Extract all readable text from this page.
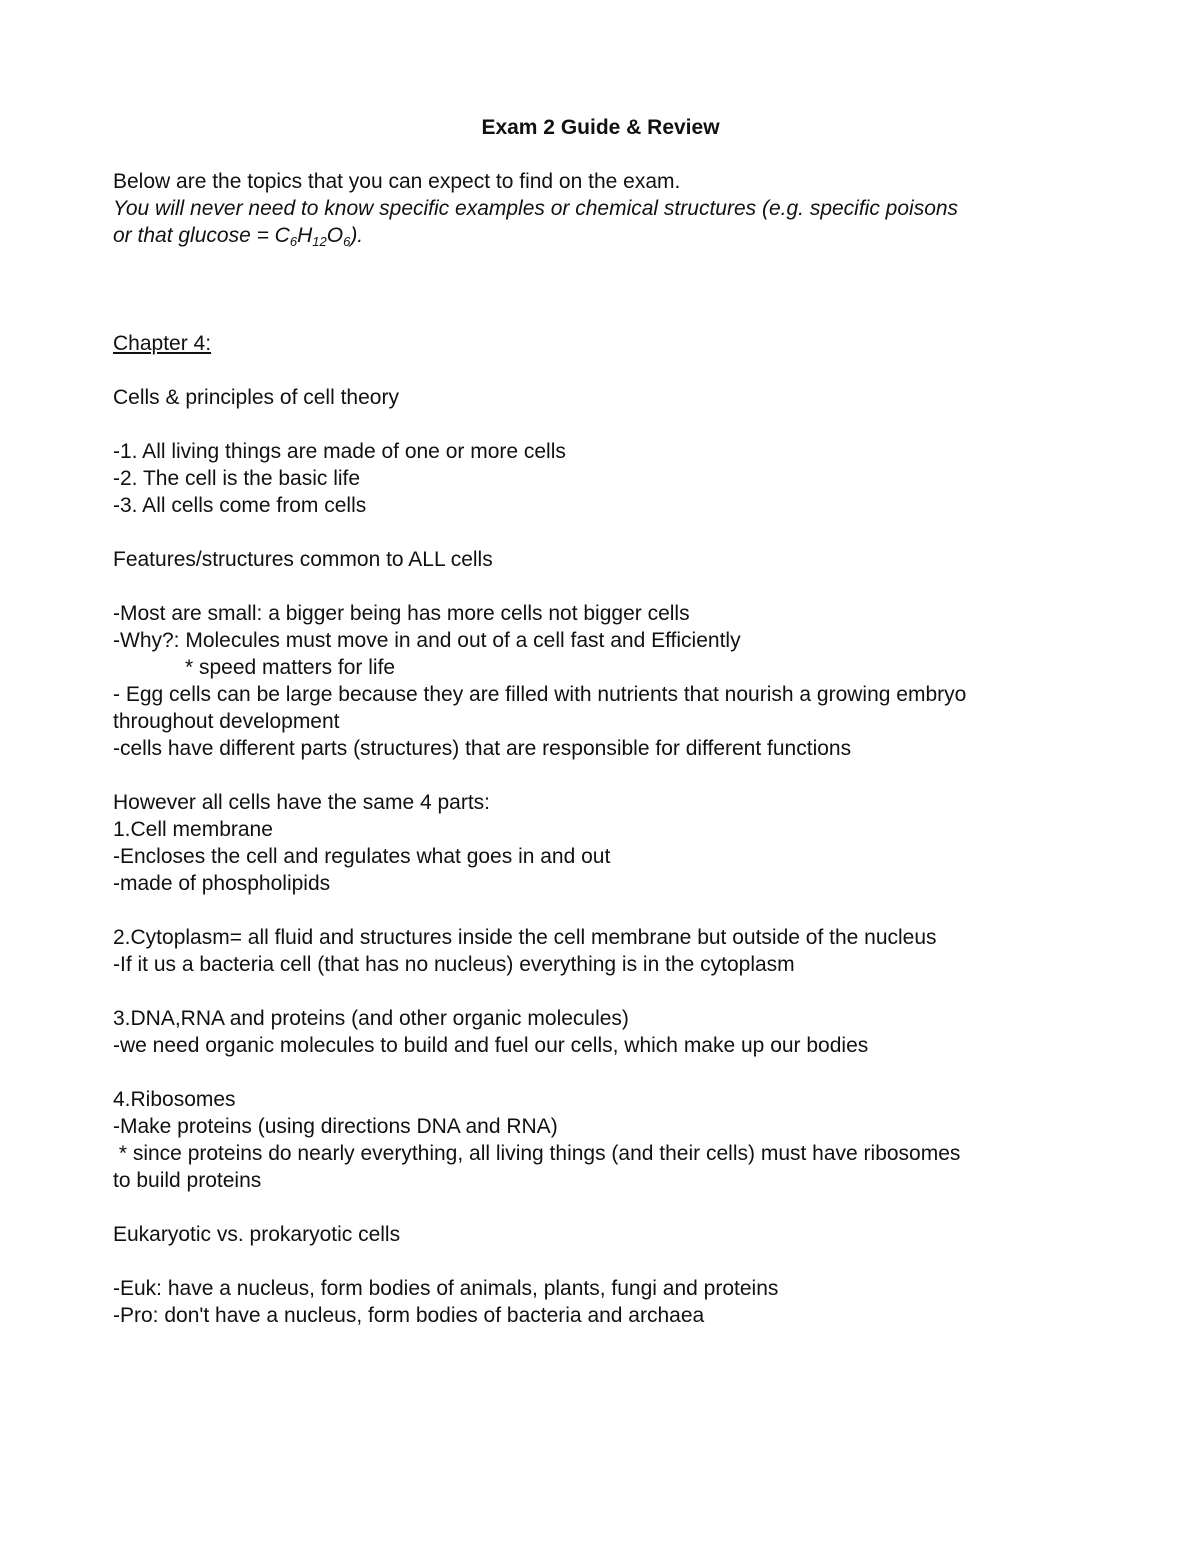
Exam 2 Guide & Review
Below are the topics that you can expect to find on the exam.
You will never need to know specific examples or chemical structures (e.g. specific poisons
or that $glucose = C_6H_{12}O_6$).
Chapter 4:
Cells & principles of cell theory
-1. All living things are made of one or more cells
-2. The cell is the basic life
-3. All cells come from cells
Features/structures common to ALL cells
-Most are small: a bigger being has more cells not bigger cells
-Why?: Molecules must move in and out of a cell fast and Efficiently
* speed matters for life
- Egg cells can be large because they are filled with nutrients that nourish a growing embryo
throughout development
-cells have different parts (structures) that are responsible for different functions
However all cells have the same 4 parts:
1.Cell membrane
-Encloses the cell and regulates what goes in and out
-made of phospholipids
2.Cytoplasm= all fluid and structures inside the cell membrane but outside of the nucleus
-If it us a bacteria cell (that has no nucleus) everything is in the cytoplasm
3.DNA,RNA and proteins (and other organic molecules)
-we need organic molecules to build and fuel our cells, which make up our bodies
4.Ribosomes
-Make proteins (using directions DNA and RNA)
* since proteins do nearly everything, all living things (and their cells) must have ribosomes
to build proteins
Eukaryotic vs. prokaryotic cells
-Euk: have a nucleus, form bodies of animals, plants, fungi and proteins
-Pro: don't have a nucleus, form bodies of bacteria and archaea
